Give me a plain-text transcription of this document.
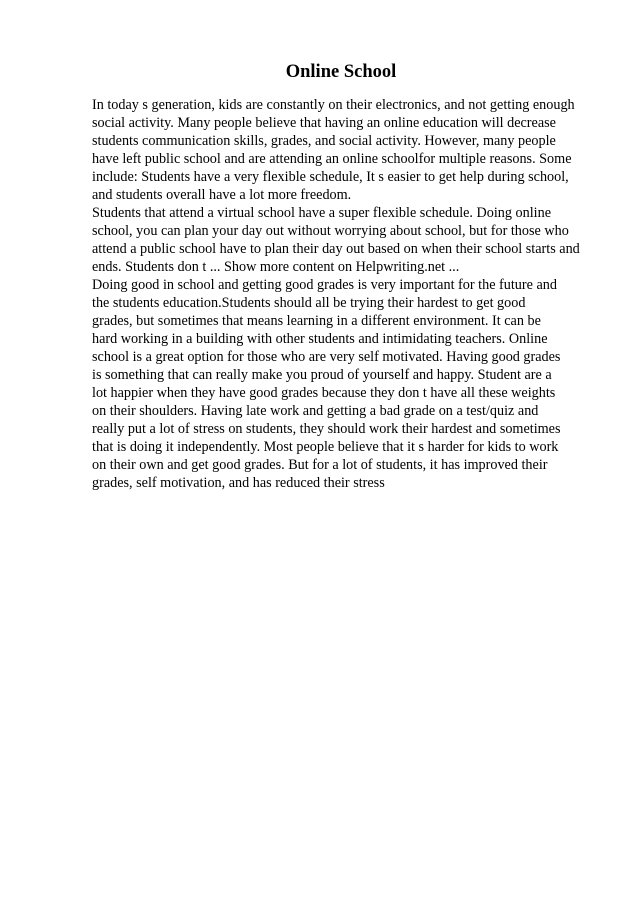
Online School
In today s generation, kids are constantly on their electronics, and not getting enough
social activity. Many people believe that having an online education will decrease
students communication skills, grades, and social activity. However, many people
have left public school and are attending an online schoolfor multiple reasons. Some
include: Students have a very flexible schedule, It s easier to get help during school,
and students overall have a lot more freedom.
Students that attend a virtual school have a super flexible schedule. Doing online
school, you can plan your day out without worrying about school, but for those who
attend a public school have to plan their day out based on when their school starts and
ends. Students don t ... Show more content on Helpwriting.net ...
Doing good in school and getting good grades is very important for the future and
the students education.Students should all be trying their hardest to get good
grades, but sometimes that means learning in a different environment. It can be
hard working in a building with other students and intimidating teachers. Online
school is a great option for those who are very self motivated. Having good grades
is something that can really make you proud of yourself and happy. Student are a
lot happier when they have good grades because they don t have all these weights
on their shoulders. Having late work and getting a bad grade on a test/quiz and
really put a lot of stress on students, they should work their hardest and sometimes
that is doing it independently. Most people believe that it s harder for kids to work
on their own and get good grades. But for a lot of students, it has improved their
grades, self motivation, and has reduced their stress
